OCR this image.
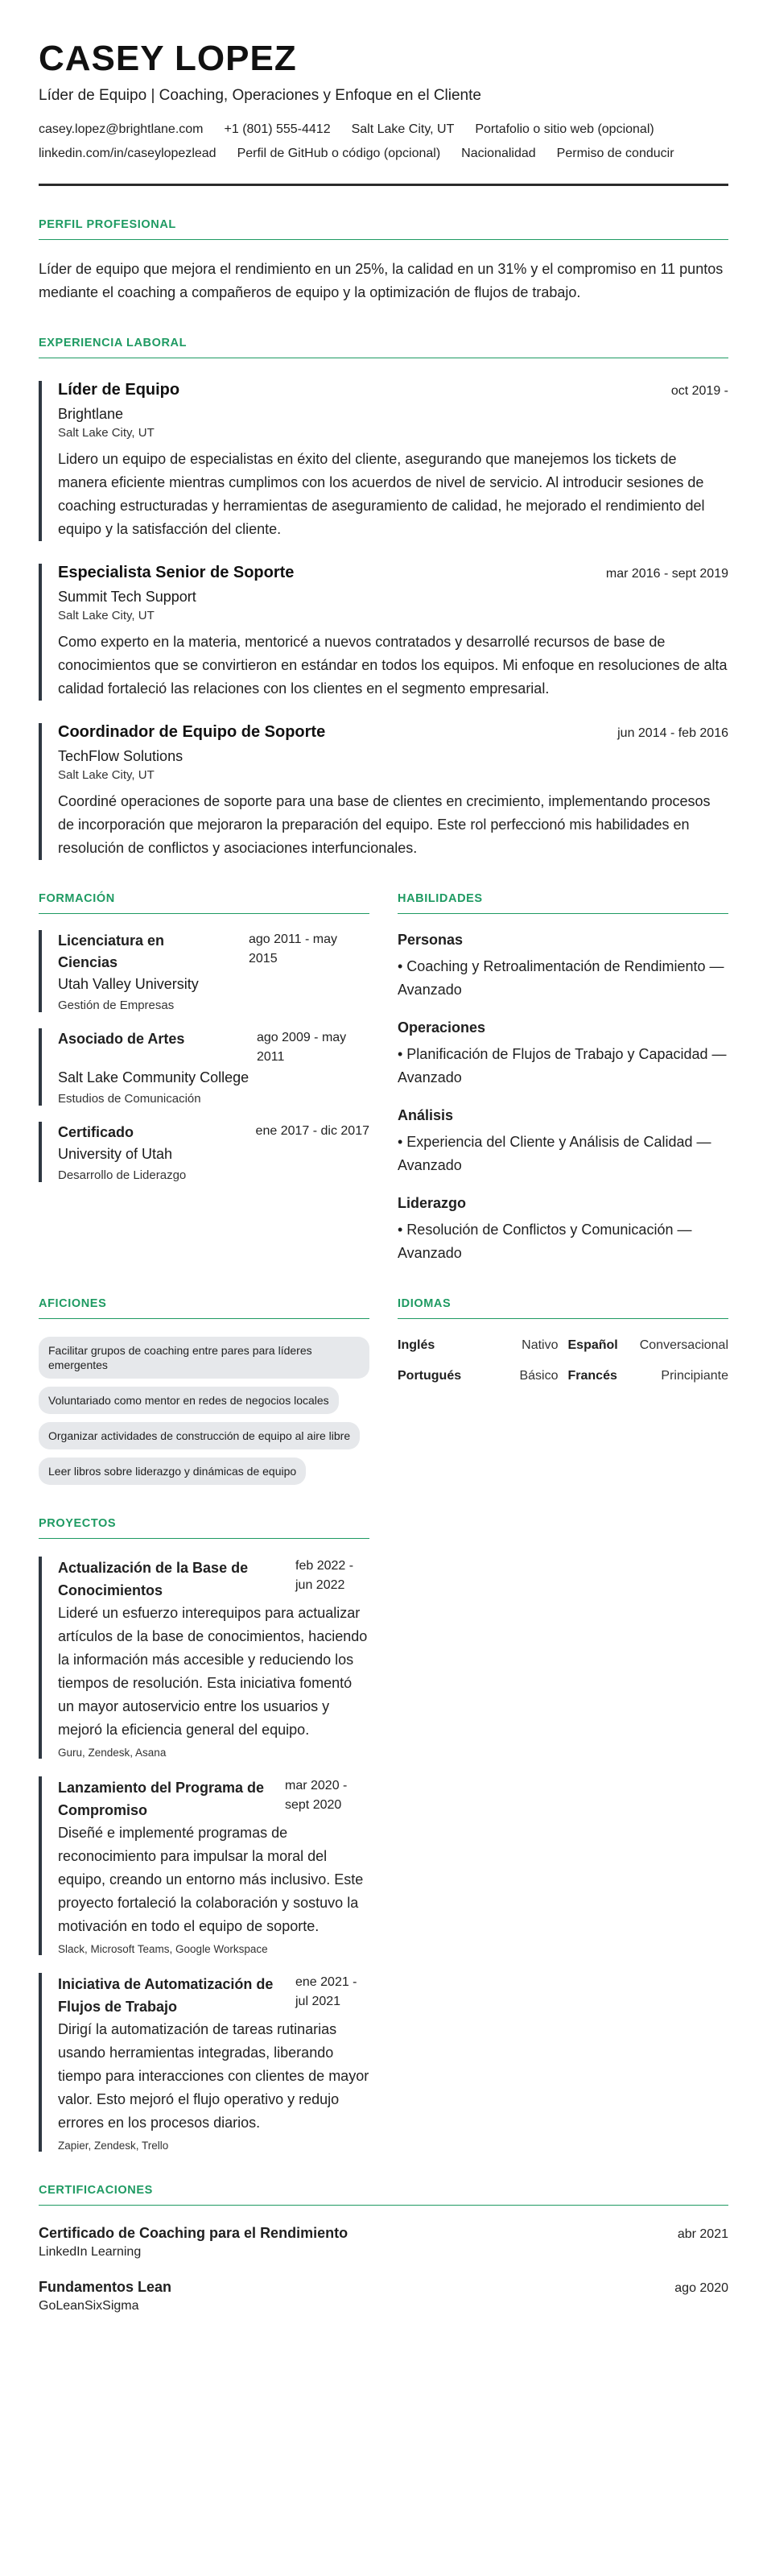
CASEY LOPEZ
Líder de Equipo | Coaching, Operaciones y Enfoque en el Cliente
casey.lopez@brightlane.com +1 (801) 555-4412 Salt Lake City, UT Portafolio o sitio web (opcional)
linkedin.com/in/caseylopezlead Perfil de GitHub o código (opcional) Nacionalidad Permiso de conducir
PERFIL PROFESIONAL
Líder de equipo que mejora el rendimiento en un 25%, la calidad en un 31% y el compromiso en 11 puntos mediante el coaching a compañeros de equipo y la optimización de flujos de trabajo.
EXPERIENCIA LABORAL
Líder de Equipo	oct 2019 -
Brightlane
Salt Lake City, UT
Lidero un equipo de especialistas en éxito del cliente, asegurando que manejemos los tickets de manera eficiente mientras cumplimos con los acuerdos de nivel de servicio. Al introducir sesiones de coaching estructuradas y herramientas de aseguramiento de calidad, he mejorado el rendimiento del equipo y la satisfacción del cliente.
Especialista Senior de Soporte	mar 2016 - sept 2019
Summit Tech Support
Salt Lake City, UT
Como experto en la materia, mentoricé a nuevos contratados y desarrollé recursos de base de conocimientos que se convirtieron en estándar en todos los equipos. Mi enfoque en resoluciones de alta calidad fortaleció las relaciones con los clientes en el segmento empresarial.
Coordinador de Equipo de Soporte	jun 2014 - feb 2016
TechFlow Solutions
Salt Lake City, UT
Coordiné operaciones de soporte para una base de clientes en crecimiento, implementando procesos de incorporación que mejoraron la preparación del equipo. Este rol perfeccionó mis habilidades en resolución de conflictos y asociaciones interfuncionales.
FORMACIÓN
Licenciatura en Ciencias
ago 2011 - may 2015
Utah Valley University
Gestión de Empresas
Asociado de Artes	ago 2009 - may 2011
Salt Lake Community College
Estudios de Comunicación
Certificado	ene 2017 - dic 2017
University of Utah
Desarrollo de Liderazgo
HABILIDADES
Personas
• Coaching y Retroalimentación de Rendimiento — Avanzado
Operaciones
• Planificación de Flujos de Trabajo y Capacidad — Avanzado
Análisis
• Experiencia del Cliente y Análisis de Calidad — Avanzado
Liderazgo
• Resolución de Conflictos y Comunicación — Avanzado
AFICIONES
Facilitar grupos de coaching entre pares para líderes emergentes Voluntariado como mentor en redes de negocios locales Organizar actividades de construcción de equipo al aire libre Leer libros sobre liderazgo y dinámicas de equipo
IDIOMAS
Inglés	Nativo Español Conversacional
Portugués	Básico Francés	Principiante
PROYECTOS
Actualización de la Base de Conocimientos
feb 2022 - jun 2022
Lideré un esfuerzo interequipos para actualizar artículos de la base de conocimientos, haciendo la información más accesible y reduciendo los tiempos de resolución. Esta iniciativa fomentó un mayor autoservicio entre los usuarios y mejoró la eficiencia general del equipo.
Guru, Zendesk, Asana
Lanzamiento del Programa de Compromiso
mar 2020 - sept 2020
Diseñé e implementé programas de reconocimiento para impulsar la moral del equipo, creando un entorno más inclusivo. Este proyecto fortaleció la colaboración y sostuvo la motivación en todo el equipo de soporte.
Slack, Microsoft Teams, Google Workspace
Iniciativa de Automatización de Flujos de Trabajo
ene 2021 - jul 2021
Dirigí la automatización de tareas rutinarias usando herramientas integradas, liberando tiempo para interacciones con clientes de mayor valor. Esto mejoró el flujo operativo y redujo errores en los procesos diarios.
Zapier, Zendesk, Trello
CERTIFICACIONES
Certificado de Coaching para el Rendimiento	abr 2021
LinkedIn Learning
Fundamentos Lean	ago 2020
GoLeanSixSigma
